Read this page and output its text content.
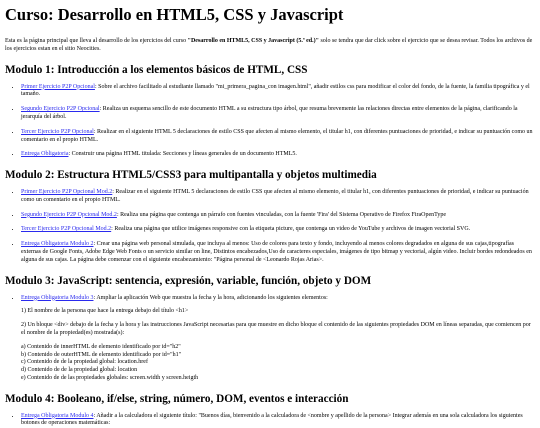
Curso: Desarrollo en HTML5, CSS y Javascript

Esta es la página principal que lleva al desarrollo de los ejercicios del curso "Desarrollo en HTML5, CSS y Javascript (5.ª ed.)" solo se tendra que dar click sobre el ejercicio que se desea revisar. Todos los archivos de los ejercicios estan en el sitio Neocities.

Modulo 1: Introducción a los elementos básicos de HTML, CSS
• Primer Ejercicio P2P Opcional: Sobre el archivo facilitado al estudiante llamado "mi_primera_pagina_con imagen.html", añadir estilos css para modificar el color del fondo, de la fuente, la familia tipográfica y el tamaño.
• Segundo Ejercicio P2P Opcional: Realiza un esquema sencillo de este documento HTML a su estructura tipo árbol, que resuma brevemente las relaciones directas entre elementos de la página, clarificando la jerarquía del árbol.
• Tercer Ejercicio P2P Opcional: Realizar en el siguiente HTML 5 declaraciones de estilo CSS que afecten al mismo elemento, el titular h1, con diferentes puntuaciones de prioridad, e indicar su puntuación como un comentario en el propio HTML.
• Entrega Obligatoria: Construir una página HTML titulada: Secciones y líneas generales de un documento HTML5.
Modulo 2: Estructura HTML5/CSS3 para multipantalla y objetos multimedia
• Primer Ejercicio P2P Opcional Mod.2: Realizar en el siguiente HTML 5 declaraciones de estilo CSS que afecten al mismo elemento, el titular h1, con diferentes puntuaciones de prioridad, e indicar su puntuación como un comentario en el propio HTML.
• Segundo Ejercicio P2P Opcional Mod.2: Realiza una página que contenga un párrafo con fuentes vinculadas, con la fuente 'Fira' del Sistema Operativo de Firefox FiraOpenType
• Tercer Ejercicio P2P Opcional Mod.2: Realiza una página que utilice imágenes responsive con la etiqueta picture, que contenga un video de YouTube y archivos de imagen vectorial SVG.
• Entrega Obligatoria Modulo 2: Crear una página web personal simulada, que incluya al menos: Uso de colores para texto y fondo, incluyendo al menos colores degradados en alguna de sus cajas,tipografías externas de Google Fonts, Adobe Edge Web Fonts o un servicio similar on line, Distintos encabezados,Uso de caracteres especiales, imágenes de tipo bitmap y vectorial, algún video. Incluir bordes redondeados en alguna de sus cajas. La página debe comenzar con el siguiente encabezamiento: "Página personal de <Leonardo Rojas Arias>.
Modulo 3: JavaScript: sentencia, expresión, variable, función, objeto y DOM
• Entrega Obligatoria Modulo 3: Ampliar la aplicación Web que muestra la fecha y la hora, adicionando los siguientes elementos:

1) El nombre de la persona que hace la entrega debajo del título <h1>

2) Un bloque <div> debajo de la fecha y la hora y las instrucciones JavaScript necesarias para que muestre en dicho bloque el contenido de las siguientes propiedades DOM en líneas separadas, que comiencen por el nombre de la propiedad(es) mostrada(s):

a) Contenido de innerHTML de elemento identificado por id="h2"
b) Contenido de outerHTML de elemento identificado por id="h1"
c) Contenido de de la propiedad global: location.href
d) Contenido de de la propiedad global: location
e) Contenido de de las propiedades globales: screen.width y screen.heigth
Modulo 4: Booleano, if/else, string, número, DOM, eventos e interacción
• Entrega Obligatoria Modulo 4: Añadir a la calculadora el siguiente título: "Buenos días, bienvenido a la calculadora de <nombre y apellido de la persona> Integrar además en una sola calculadora los siguientes botones de operaciones matemáticas:
